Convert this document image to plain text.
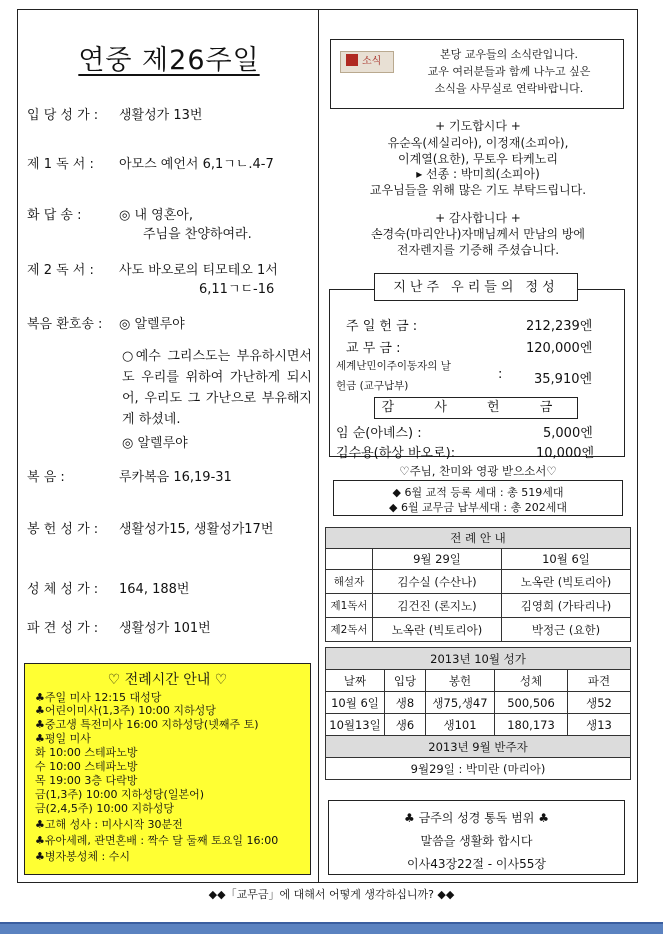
연중 제26주일
입 당 성 가 : 생활성가 13번
제 1 독 서 : 아모스 예언서 6,1ㄱㄴ.4-7
화 답 송 :	◎ 내 영혼아,
주님을 찬양하여라.
제 2 독 서 : 사도 바오로의 티모테오 1서
6,11ㄱㄷ-16
복음 환호송 : ◎ 알렐루야
○예수 그리스도는 부유하시면서도 우리를 위하여 가난하게 되시어, 우리도 그 가난으로 부유해지게 하셨네.
◎ 알렐루야
복 음 :	루카복음 16,19-31
봉 헌 성 가 : 생활성가15, 생활성가17번
성 체 성 가 : 164, 188번
파 견 성 가 : 생활성가 101번
♡ 전례시간 안내 ♡
♣주일 미사 12:15 대성당
♣어린이미사(1,3주) 10:00 지하성당
♣중고생 특전미사 16:00 지하성당(넷째주 토)
♣평일 미사
화 10:00 스테파노방
수 10:00 스테파노방
목 19:00 3층 다락방
금(1,3주) 10:00 지하성당(일본어)
금(2,4,5주) 10:00 지하성당
♣고해 성사 : 미사시작 30분전
♣유아세례, 관면혼배 : 짝수 달 둘째 토요일 16:00
♣병자봉성체 : 수시
소식
본당 교우들의 소식란입니다.
교우 여러분들과 함께 나누고 싶은
소식을 사무실로 연락바랍니다.
+ 기도합시다 +
유순옥(세실리아), 이정재(소피아),
이계열(요한), 무토우 타케노리
▸ 선종 : 박미희(소피아)
교우님들을 위해 많은 기도 부탁드립니다.
+ 감사합니다 +
손경숙(마리안나)자매님께서 만남의 방에
전자렌지를 기증해 주셨습니다.
지난주 우리들의 정성
주 일 헌 금 :	212,239엔
교 무 금 :	120,000엔
세계난민이주이동자의 날
헌금 (교구납부)
: 35,910엔
감 사 헌 금
임 순(아녜스) :	5,000엔
김수용(하상 바오로):	10,000엔
♡주님, 찬미와 영광 받으소서♡
◆ 6월 교적 등록 세대 : 총 519세대
◆ 6월 교무금 납부세대 : 총 202세대
전 례 안 내		
	9월 29일	10월 6일
해설자	김수실 (수산나)	노옥란 (빅토리아)
제1독서	김건진 (론지노)	김영희 (가타리나)
제2독서	노옥란 (빅토리아)	박정근 (요한)
2013년 10월 성가				
날짜	입당	봉헌	성체	파견
10월 6일	생8	생75,생47	500,506	생52
10월13일	생6	생101	180,173	생13
2013년 9월 반주자				
9월29일 : 박미란 (마리아)				
♣ 금주의 성경 통독 범위 ♣
말씀을 생활화 합시다
이사43장22절 - 이사55장
◆◆「교무금」에 대해서 어떻게 생각하십니까? ◆◆
